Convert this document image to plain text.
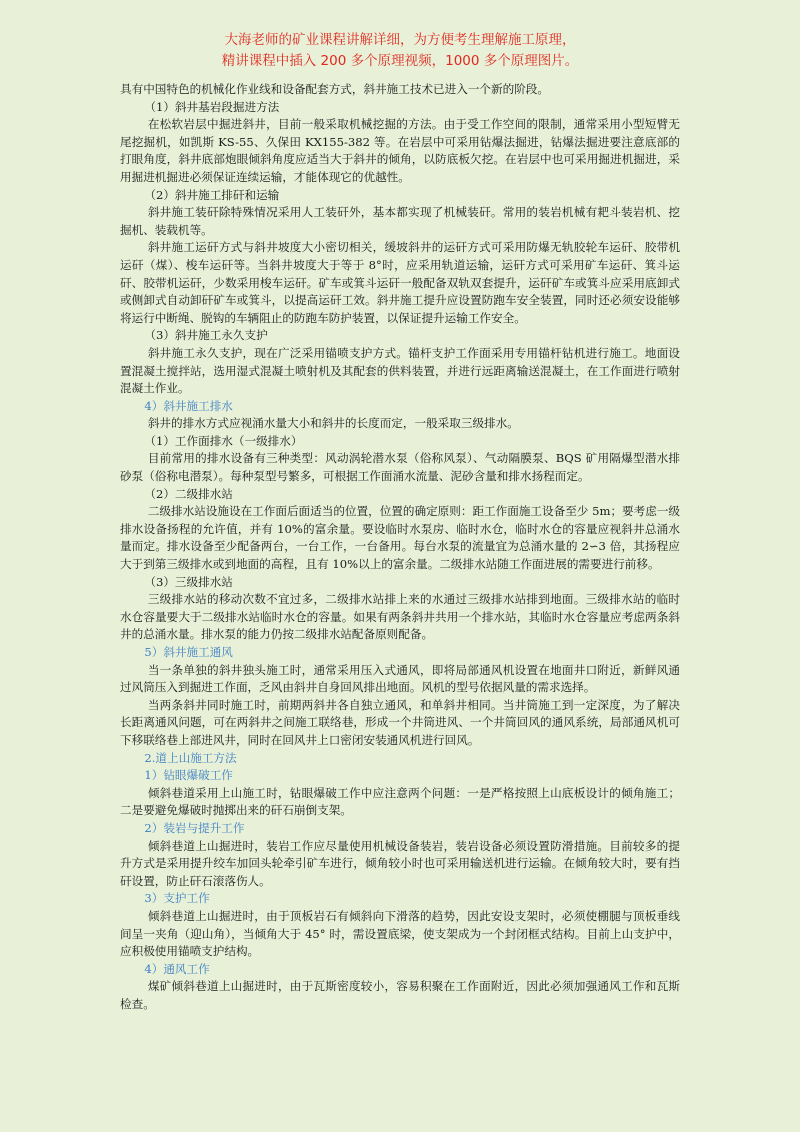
大海老师的矿业课程讲解详细，为方便考生理解施工原理，
精讲课程中插入 200 多个原理视频，1000 多个原理图片。

具有中国特色的机械化作业线和设备配套方式，斜井施工技术已进入一个新的阶段。

（1）斜井基岩段掘进方法

在松软岩层中掘进斜井，目前一般采取机械挖掘的方法。由于受工作空间的限制，通常采用小型短臂无尾挖掘机，如凯斯 KS-55、久保田 KX155-382 等。在岩层中可采用钻爆法掘进，钻爆法掘进要注意底部的打眼角度，斜井底部炮眼倾斜角度应适当大于斜井的倾角，以防底板欠挖。在岩层中也可采用掘进机掘进，采用掘进机掘进必须保证连续运输，才能体现它的优越性。

（2）斜井施工排矸和运输

斜井施工装矸除特殊情况采用人工装矸外，基本都实现了机械装矸。常用的装岩机械有耙斗装岩机、挖掘机、装载机等。

斜井施工运矸方式与斜井坡度大小密切相关，缓坡斜井的运矸方式可采用防爆无轨胶轮车运矸、胶带机运矸（煤）、梭车运矸等。当斜井坡度大于等于 8°时，应采用轨道运输，运矸方式可采用矿车运矸、箕斗运矸、胶带机运矸，少数采用梭车运矸。矿车或箕斗运矸一般配备双轨双套提升，运矸矿车或箕斗应采用底卸式或侧卸式自动卸矸矿车或箕斗，以提高运矸工效。斜井施工提升应设置防跑车安全装置，同时还必须安设能够将运行中断绳、脱钩的车辆阻止的防跑车防护装置，以保证提升运输工作安全。

（3）斜井施工永久支护

斜井施工永久支护，现在广泛采用锚喷支护方式。锚杆支护工作面采用专用锚杆钻机进行施工。地面设置混凝土搅拌站，选用湿式混凝土喷射机及其配套的供料装置，并进行远距离输送混凝土，在工作面进行喷射混凝土作业。

4）斜井施工排水

斜井的排水方式应视涌水量大小和斜井的长度而定，一般采取三级排水。

（1）工作面排水（一级排水）

目前常用的排水设备有三种类型：风动涡轮潜水泵（俗称风泵）、气动隔膜泵、BQS 矿用隔爆型潜水排砂泵（俗称电潜泵）。每种泵型号繁多，可根据工作面涌水流量、泥砂含量和排水扬程而定。

（2）二级排水站

二级排水站设施设在工作面后面适当的位置，位置的确定原则：距工作面施工设备至少 5m；要考虑一级排水设备扬程的允许值，并有 10%的富余量。要设临时水泵房、临时水仓，临时水仓的容量应视斜井总涌水量而定。排水设备至少配备两台，一台工作，一台备用。每台水泵的流量宜为总涌水量的 2∽3 倍，其扬程应大于到第三级排水或到地面的高程，且有 10%以上的富余量。二级排水站随工作面进展的需要进行前移。

（3）三级排水站

三级排水站的移动次数不宜过多，二级排水站排上来的水通过三级排水站排到地面。三级排水站的临时水仓容量要大于二级排水站临时水仓的容量。如果有两条斜井共用一个排水站，其临时水仓容量应考虑两条斜井的总涌水量。排水泵的能力仍按二级排水站配备原则配备。

5）斜井施工通风

当一条单独的斜井独头施工时，通常采用压入式通风，即将局部通风机设置在地面井口附近，新鲜风通过风筒压入到掘进工作面，乏风由斜井自身回风排出地面。风机的型号依据风量的需求选择。

当两条斜井同时施工时，前期两斜井各自独立通风，和单斜井相同。当井筒施工到一定深度，为了解决长距离通风问题，可在两斜井之间施工联络巷，形成一个井筒进风、一个井筒回风的通风系统，局部通风机可下移联络巷上部进风井，同时在回风井上口密闭安装通风机进行回风。

2.道上山施工方法

1）钻眼爆破工作

倾斜巷道采用上山施工时，钻眼爆破工作中应注意两个问题：一是严格按照上山底板设计的倾角施工；二是要避免爆破时抛掷出来的矸石崩倒支架。

2）装岩与提升工作

倾斜巷道上山掘进时，装岩工作应尽量使用机械设备装岩，装岩设备必须设置防滑措施。目前较多的提升方式是采用提升绞车加回头轮牵引矿车进行，倾角较小时也可采用输送机进行运输。在倾角较大时，要有挡矸设置，防止矸石滚落伤人。

3）支护工作

倾斜巷道上山掘进时，由于顶板岩石有倾斜向下滑落的趋势，因此安设支架时，必须使棚腿与顶板垂线间呈一夹角（迎山角），当倾角大于 45° 时，需设置底梁，使支架成为一个封闭框式结构。目前上山支护中，应积极使用锚喷支护结构。

4）通风工作

煤矿倾斜巷道上山掘进时，由于瓦斯密度较小，容易积聚在工作面附近，因此必须加强通风工作和瓦斯检查。
